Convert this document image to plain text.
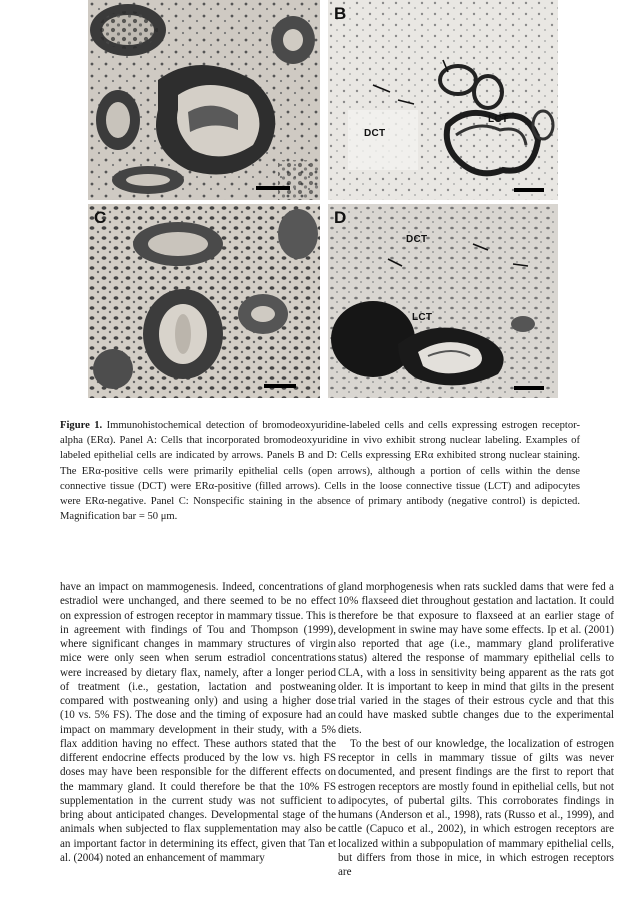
B
DCT
LCT
C	D
DCT
LCT

Figure 1. Immunohistochemical detection of bromodeoxyuridine-labeled cells and cells expressing estrogen receptor-alpha (ERα). Panel A: Cells that incorporated bromodeoxyuridine in vivo exhibit strong nuclear labeling. Examples of labeled epithelial cells are indicated by arrows. Panels B and D: Cells expressing ERα exhibited strong nuclear staining. The ERα-positive cells were primarily epithelial cells (open arrows), although a portion of cells within the dense connective tissue (DCT) were ERα-positive (filled arrows). Cells in the loose connective tissue (LCT) and adipocytes were ERα-negative. Panel C: Nonspecific staining in the absence of primary antibody (negative control) is depicted. Magnification bar = 50 μm.

have an impact on mammogenesis. Indeed, concentrations of estradiol were unchanged, and there seemed to be no effect on expression of estrogen receptor in mammary tissue. This is in agreement with findings of Tou and Thompson (1999), where significant changes in mammary structures of virgin mice were only seen when serum estradiol concentrations were increased by dietary flax, namely, after a longer period of treatment (i.e., gestation, lactation and postweaning compared with postweaning only) and using a higher dose (10 vs. 5% FS). The dose and the timing of exposure had an impact on mammary development in their study, with a 5% flax addition having no effect. These authors stated that the different endocrine effects produced by the low vs. high FS doses may have been responsible for the different effects on the mammary gland. It could therefore be that the 10% FS supplementation in the current study was not sufficient to bring about anticipated changes. Developmental stage of the animals when subjected to flax supplementation may also be an important factor in determining its effect, given that Tan et al. (2004) noted an enhancement of mammary

gland morphogenesis when rats suckled dams that were fed a 10% flaxseed diet throughout gestation and lactation. It could therefore be that exposure to flaxseed at an earlier stage of development in swine may have some effects. Ip et al. (2001) also reported that age (i.e., mammary gland proliferative status) altered the response of mammary epithelial cells to CLA, with a loss in sensitivity being apparent as the rats got older. It is important to keep in mind that gilts in the present trial varied in the stages of their estrous cycle and that this could have masked subtle changes due to the experimental diets.

To the best of our knowledge, the localization of estrogen receptor in cells in mammary tissue of gilts was never documented, and present findings are the first to report that estrogen receptors are mostly found in epithelial cells, but not adipocytes, of pubertal gilts. This corroborates findings in humans (Anderson et al., 1998), rats (Russo et al., 1999), and cattle (Capuco et al., 2002), in which estrogen receptors are localized within a subpopulation of mammary epithelial cells, but differs from those in mice, in which estrogen receptors are
